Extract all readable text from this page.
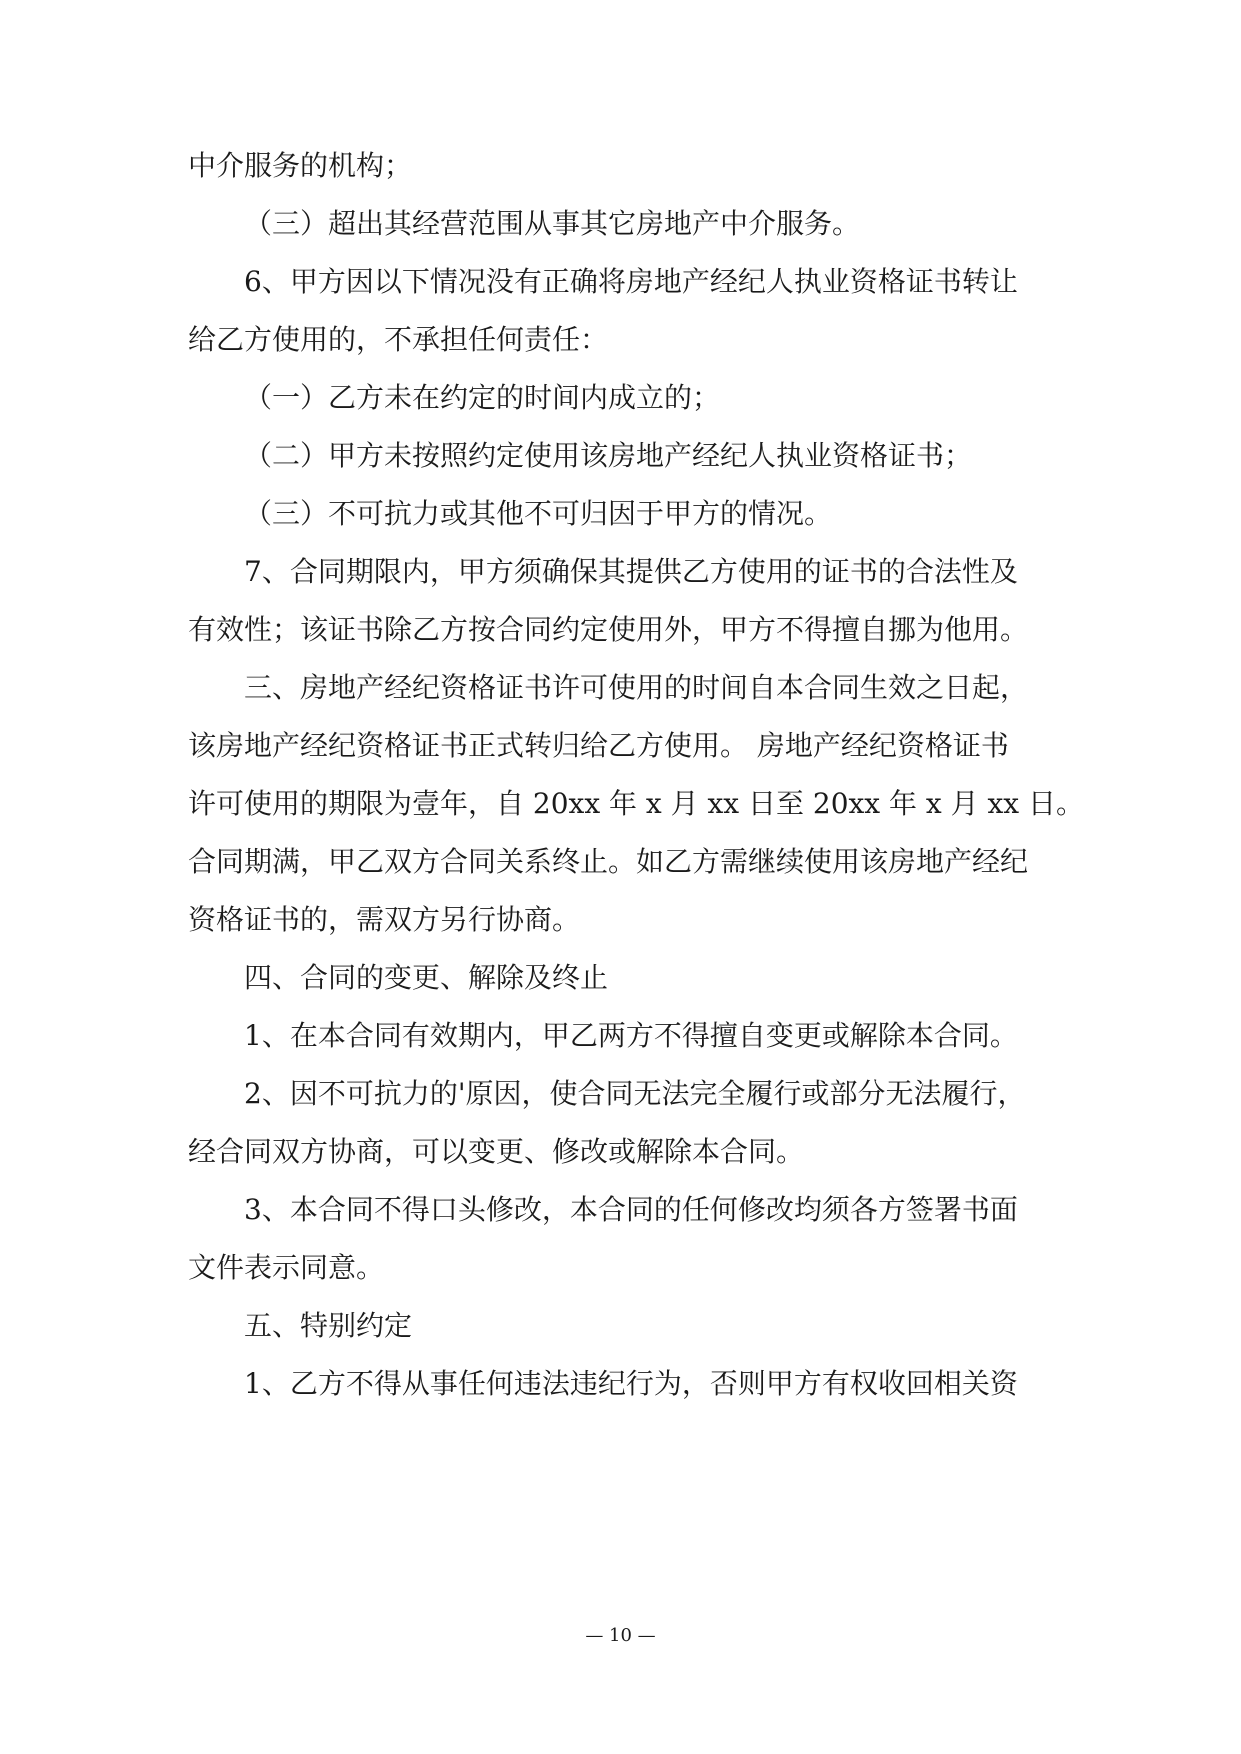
中介服务的机构；
（三）超出其经营范围从事其它房地产中介服务。
6、甲方因以下情况没有正确将房地产经纪人执业资格证书转让
给乙方使用的，不承担任何责任：
（一）乙方未在约定的时间内成立的；
（二）甲方未按照约定使用该房地产经纪人执业资格证书；
（三）不可抗力或其他不可归因于甲方的情况。
7、合同期限内，甲方须确保其提供乙方使用的证书的合法性及
有效性；该证书除乙方按合同约定使用外，甲方不得擅自挪为他用。
三、房地产经纪资格证书许可使用的时间自本合同生效之日起，
该房地产经纪资格证书正式转归给乙方使用。 房地产经纪资格证书
许可使用的期限为壹年，自 20xx 年 x 月 xx 日至 20xx 年 x 月 xx 日。
合同期满，甲乙双方合同关系终止。如乙方需继续使用该房地产经纪
资格证书的，需双方另行协商。
四、合同的变更、解除及终止
1、在本合同有效期内，甲乙两方不得擅自变更或解除本合同。
2、因不可抗力的'原因，使合同无法完全履行或部分无法履行，
经合同双方协商，可以变更、修改或解除本合同。
3、本合同不得口头修改，本合同的任何修改均须各方签署书面
文件表示同意。
五、特别约定
1、乙方不得从事任何违法违纪行为，否则甲方有权收回相关资
— 10 —
